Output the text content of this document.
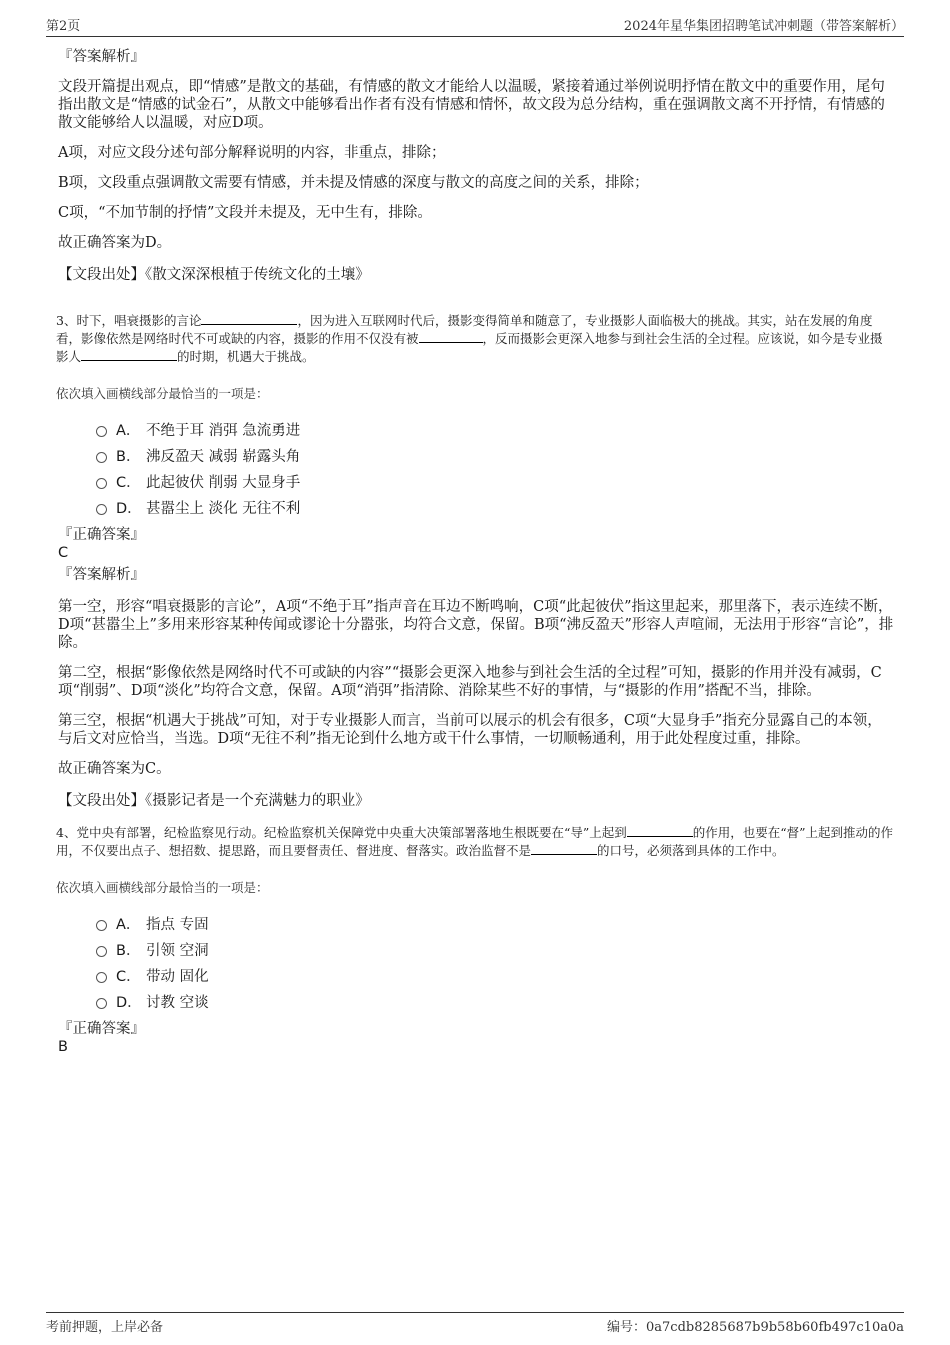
第2页	2024年星华集团招聘笔试冲刺题（带答案解析）
『答案解析』

文段开篇提出观点，即“情感”是散文的基础，有情感的散文才能给人以温暖，紧接着通过举例说明抒情在散文中的重要作用，尾句指出散文是“情感的试金石”，从散文中能够看出作者有没有情感和情怀，故文段为总分结构，重在强调散文离不开抒情，有情感的散文能够给人以温暖，对应D项。

A项，对应文段分述句部分解释说明的内容，非重点，排除；

B项，文段重点强调散文需要有情感，并未提及情感的深度与散文的高度之间的关系，排除；

C项，“不加节制的抒情”文段并未提及，无中生有，排除。

故正确答案为D。

【文段出处】《散文深深根植于传统文化的土壤》

3、时下，唱衰摄影的言论	，因为进入互联网时代后，摄影变得简单和随意了，专业摄影人面临极大的挑战。其实，站在发展的角度看，影像依然是网络时代不可或缺的内容，摄影的作用不仅没有被	，反而摄影会更深入地参与到社会生活的全过程。应该说，如今是专业摄影人	的时期，机遇大于挑战。

依次填入画横线部分最恰当的一项是：

A． 不绝于耳 消弭 急流勇进
B． 沸反盈天 减弱 崭露头角
C． 此起彼伏 削弱 大显身手
D． 甚嚣尘上 淡化 无往不利
『正确答案』
C
『答案解析』

第一空，形容“唱衰摄影的言论”，A项“不绝于耳”指声音在耳边不断鸣响，C项“此起彼伏”指这里起来，那里落下，表示连续不断，D项“甚嚣尘上”多用来形容某种传闻或谬论十分嚣张，均符合文意，保留。B项“沸反盈天”形容人声喧闹，无法用于形容“言论”，排除。

第二空，根据“影像依然是网络时代不可或缺的内容”“摄影会更深入地参与到社会生活的全过程”可知，摄影的作用并没有减弱，C项“削弱”、D项“淡化”均符合文意，保留。A项“消弭”指清除、消除某些不好的事情，与“摄影的作用”搭配不当，排除。

第三空，根据“机遇大于挑战”可知，对于专业摄影人而言，当前可以展示的机会有很多，C项“大显身手”指充分显露自己的本领，与后文对应恰当，当选。D项“无往不利”指无论到什么地方或干什么事情，一切顺畅通利，用于此处程度过重，排除。

故正确答案为C。

【文段出处】《摄影记者是一个充满魅力的职业》

4、党中央有部署，纪检监察见行动。纪检监察机关保障党中央重大决策部署落地生根既要在“导”上起到	的作用，也要在“督”上起到推动的作用，不仅要出点子、想招数、提思路，而且要督责任、督进度、督落实。政治监督不是	的口号，必须落到具体的工作中。

依次填入画横线部分最恰当的一项是：

A． 指点 专固
B． 引领 空洞
C． 带动 固化
D． 讨教 空谈
『正确答案』
B
考前押题，上岸必备	编号：0a7cdb8285687b9b58b60fb497c10a0a
